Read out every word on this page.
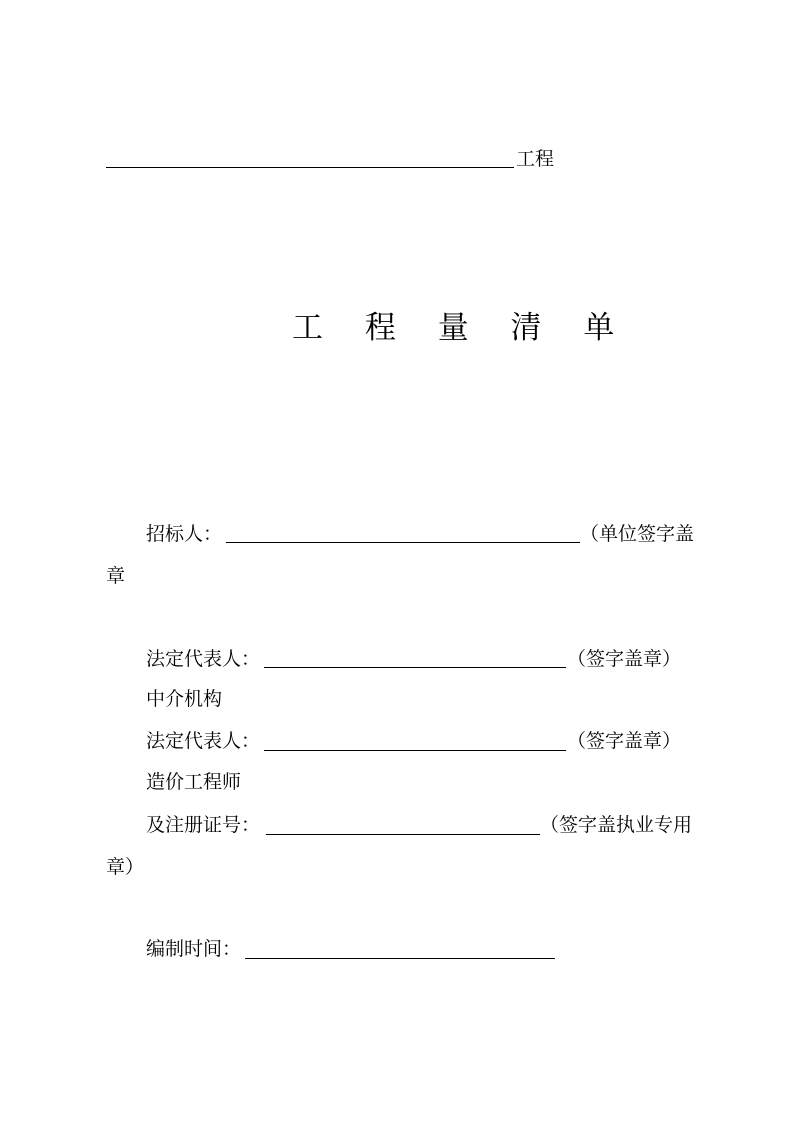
工程
工 程 量 清 单
招标人：	（单位签字盖
章
法定代表人：	（签字盖章）
中介机构
法定代表人：	（签字盖章）
造价工程师
及注册证号：	（签字盖执业专用
章）
编制时间：
